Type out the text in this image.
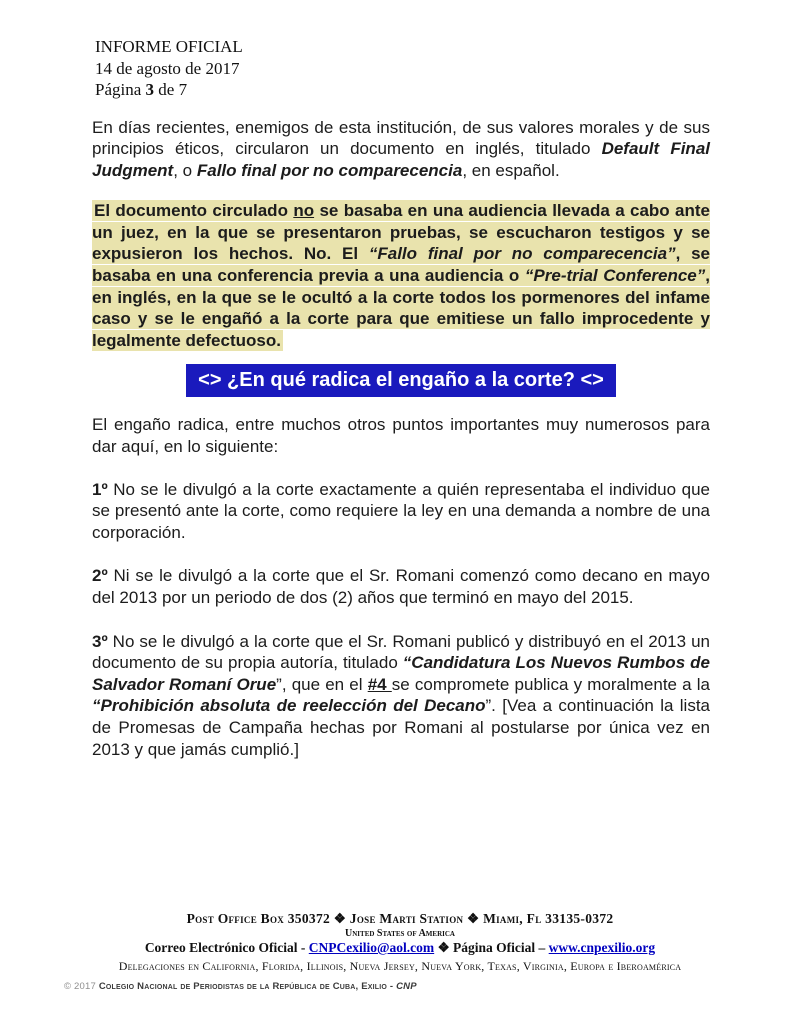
INFORME OFICIAL
14 de agosto de 2017
Página 3 de 7

En días recientes, enemigos de esta institución, de sus valores morales y de sus principios éticos, circularon un documento en inglés, titulado Default Final Judgment, o Fallo final por no comparecencia, en español.

El documento circulado no se basaba en una audiencia llevada a cabo ante un juez, en la que se presentaron pruebas, se escucharon testigos y se expusieron los hechos. No. El “Fallo final por no comparecencia”, se basaba en una conferencia previa a una audiencia o “Pre-trial Conference”, en inglés, en la que se le ocultó a la corte todos los pormenores del infame caso y se le engañó a la corte para que emitiese un fallo improcedente y legalmente defectuoso.

<> ¿En qué radica el engaño a la corte? <>

El engaño radica, entre muchos otros puntos importantes muy numerosos para dar aquí, en lo siguiente:

1º No se le divulgó a la corte exactamente a quién representaba el individuo que se presentó ante la corte, como requiere la ley en una demanda a nombre de una corporación.

2º Ni se le divulgó a la corte que el Sr. Romani comenzó como decano en mayo del 2013 por un periodo de dos (2) años que terminó en mayo del 2015.

3º No se le divulgó a la corte que el Sr. Romani publicó y distribuyó en el 2013 un documento de su propia autoría, titulado “Candidatura Los Nuevos Rumbos de Salvador Romaní Orue”, que en el #4 se compromete publica y moralmente a la “Prohibición absoluta de reelección del Decano”. [Vea a continuación la lista de Promesas de Campaña hechas por Romani al postularse por única vez en 2013 y que jamás cumplió.]

Post Office Box 350372 ❖ Jose Marti Station ❖ Miami, Fl 33135-0372
United States of America
Correo Electrónico Oficial - CNPCexilio@aol.com ❖ Página Oficial – www.cnpexilio.org
Delegaciones en California, Florida, Illinois, Nueva Jersey, Nueva York, Texas, Virginia, Europa e Iberoamérica
© 2017 Colegio Nacional de Periodistas de la República de Cuba, Exilio - CNP
